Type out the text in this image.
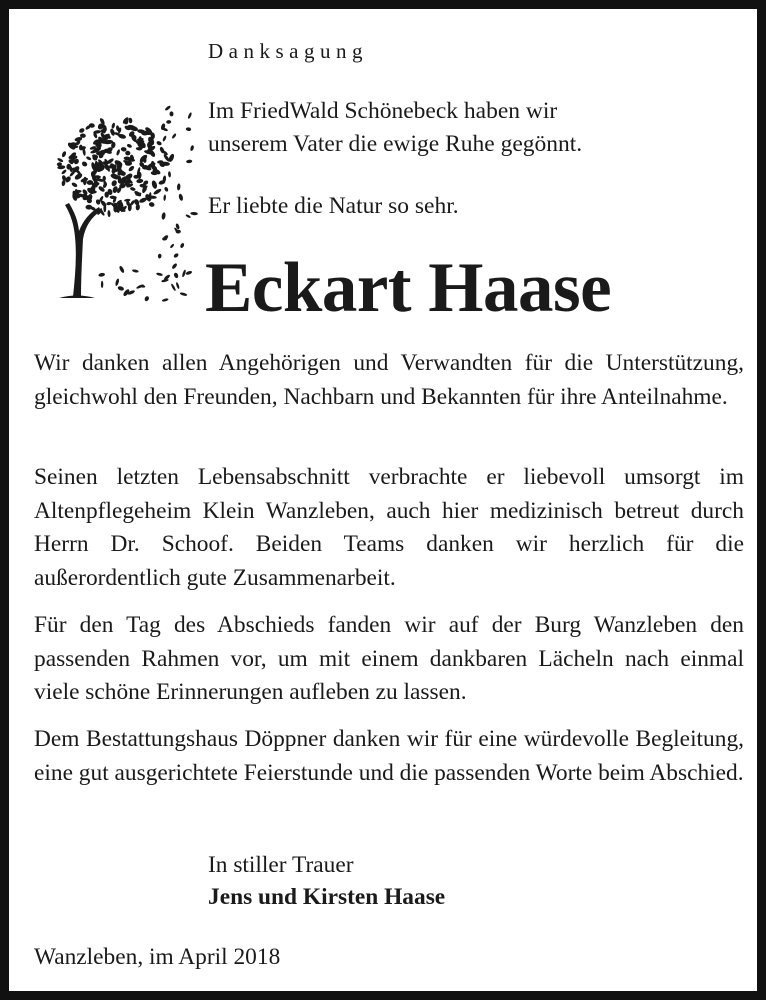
Danksagung

Im FriedWald Schönebeck haben wir
unserem Vater die ewige Ruhe gegönnt.

Er liebte die Natur so sehr.

Eckart Haase

Wir danken allen Angehörigen und Verwandten für die Unterstützung, gleichwohl den Freunden, Nachbarn und Bekannten für ihre Anteilnahme.

Seinen letzten Lebensabschnitt verbrachte er liebevoll umsorgt im Altenpflegeheim Klein Wanzleben, auch hier medizinisch betreut durch Herrn Dr. Schoof. Beiden Teams danken wir herzlich für die außerordentlich gute Zusammenarbeit.

Für den Tag des Abschieds fanden wir auf der Burg Wanzleben den passenden Rahmen vor, um mit einem dankbaren Lächeln nach einmal viele schöne Erinnerungen aufleben zu lassen.

Dem Bestattungshaus Döppner danken wir für eine würdevolle Begleitung, eine gut ausgerichtete Feierstunde und die passenden Worte beim Abschied.

In stiller Trauer

Jens und Kirsten Haase

Wanzleben, im April 2018
